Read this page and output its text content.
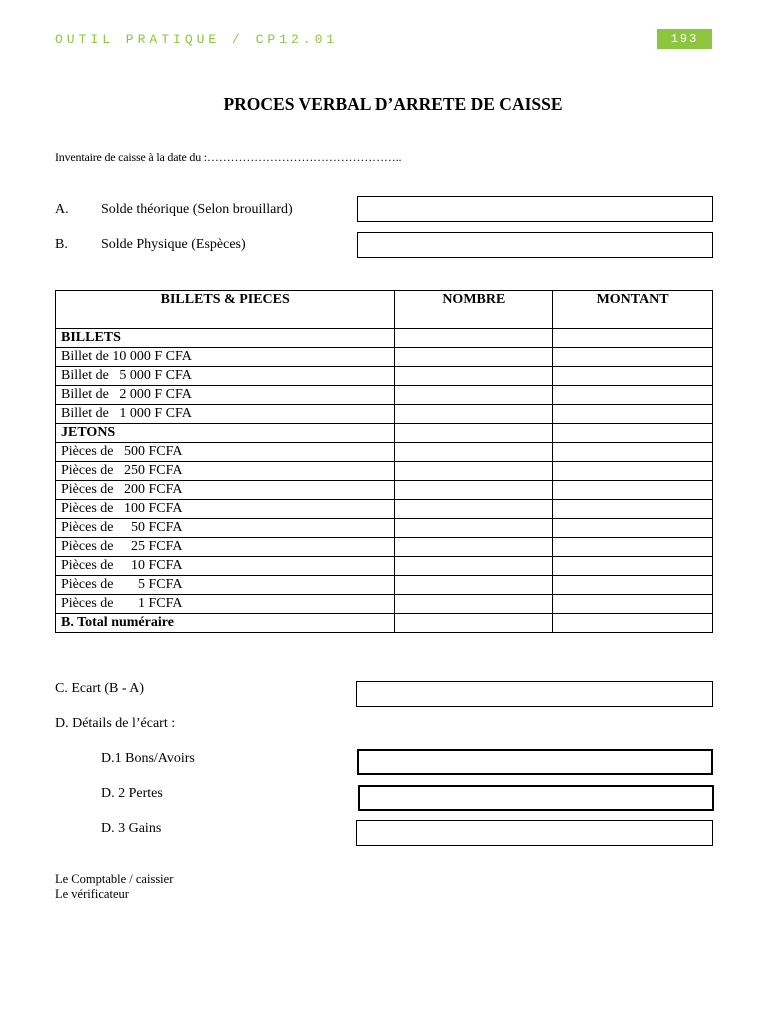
OUTIL PRATIQUE / CP12.01	193
PROCES VERBAL D’ARRETE DE CAISSE
Inventaire de caisse à la date du :…………………………………………..
A. Solde théorique (Selon brouillard)
B. Solde Physique (Espèces)
BILLETS & PIECES	NOMBRE	MONTANT
BILLETS		
Billet de 10 000 F CFA		
Billet de   5 000 F CFA		
Billet de   2 000 F CFA		
Billet de   1 000 F CFA		
JETONS		
Pièces de   500 FCFA		
Pièces de   250 FCFA		
Pièces de   200 FCFA		
Pièces de   100 FCFA		
Pièces de     50 FCFA		
Pièces de     25 FCFA		
Pièces de     10 FCFA		
Pièces de       5 FCFA		
Pièces de       1 FCFA		
B. Total numéraire		
C. Ecart (B - A)
D. Détails de l’écart :
D.1 Bons/Avoirs
D. 2 Pertes
D. 3 Gains
Le Comptable / caissier
Le vérificateur
